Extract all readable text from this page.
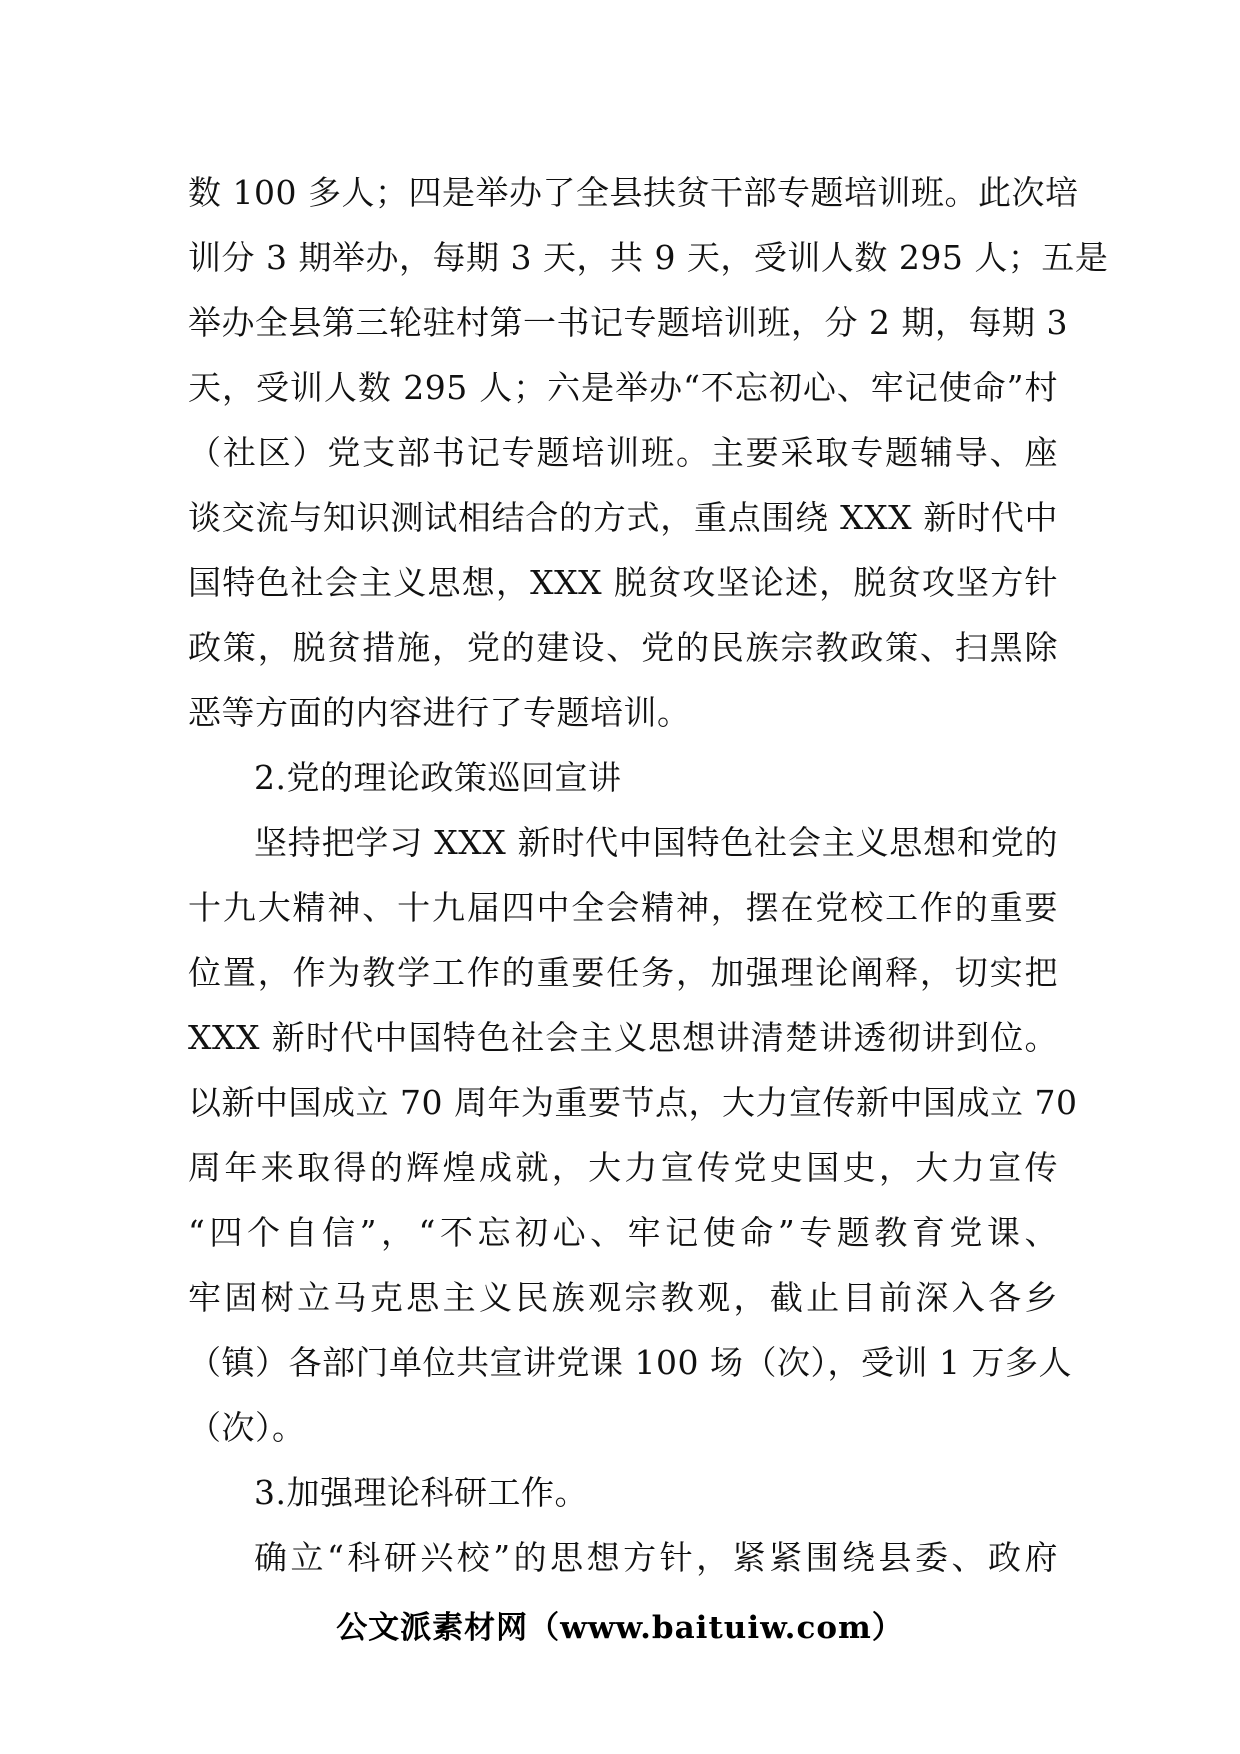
数 100 多人；四是举办了全县扶贫干部专题培训班。此次培
训分 3 期举办，每期 3 天，共 9 天，受训人数 295 人；五是
举办全县第三轮驻村第一书记专题培训班，分 2 期，每期 3
天，受训人数 295 人；六是举办“不忘初心、牢记使命”村
（社区）党支部书记专题培训班。主要采取专题辅导、座
谈交流与知识测试相结合的方式，重点围绕 XXX 新时代中
国特色社会主义思想，XXX 脱贫攻坚论述，脱贫攻坚方针
政策，脱贫措施，党的建设、党的民族宗教政策、扫黑除
恶等方面的内容进行了专题培训。
2.党的理论政策巡回宣讲
坚持把学习 XXX 新时代中国特色社会主义思想和党的
十九大精神、十九届四中全会精神，摆在党校工作的重要
位置，作为教学工作的重要任务，加强理论阐释，切实把
XXX 新时代中国特色社会主义思想讲清楚讲透彻讲到位。
以新中国成立 70 周年为重要节点，大力宣传新中国成立 70
周年来取得的辉煌成就，大力宣传党史国史，大力宣传
“四个自信”，“不忘初心、牢记使命”专题教育党课、
牢固树立马克思主义民族观宗教观，截止目前深入各乡
（镇）各部门单位共宣讲党课 100 场（次），受训 1 万多人
（次）。
3.加强理论科研工作。
确立“科研兴校”的思想方针，紧紧围绕县委、政府
公文派素材网（www.baituiw.com）
